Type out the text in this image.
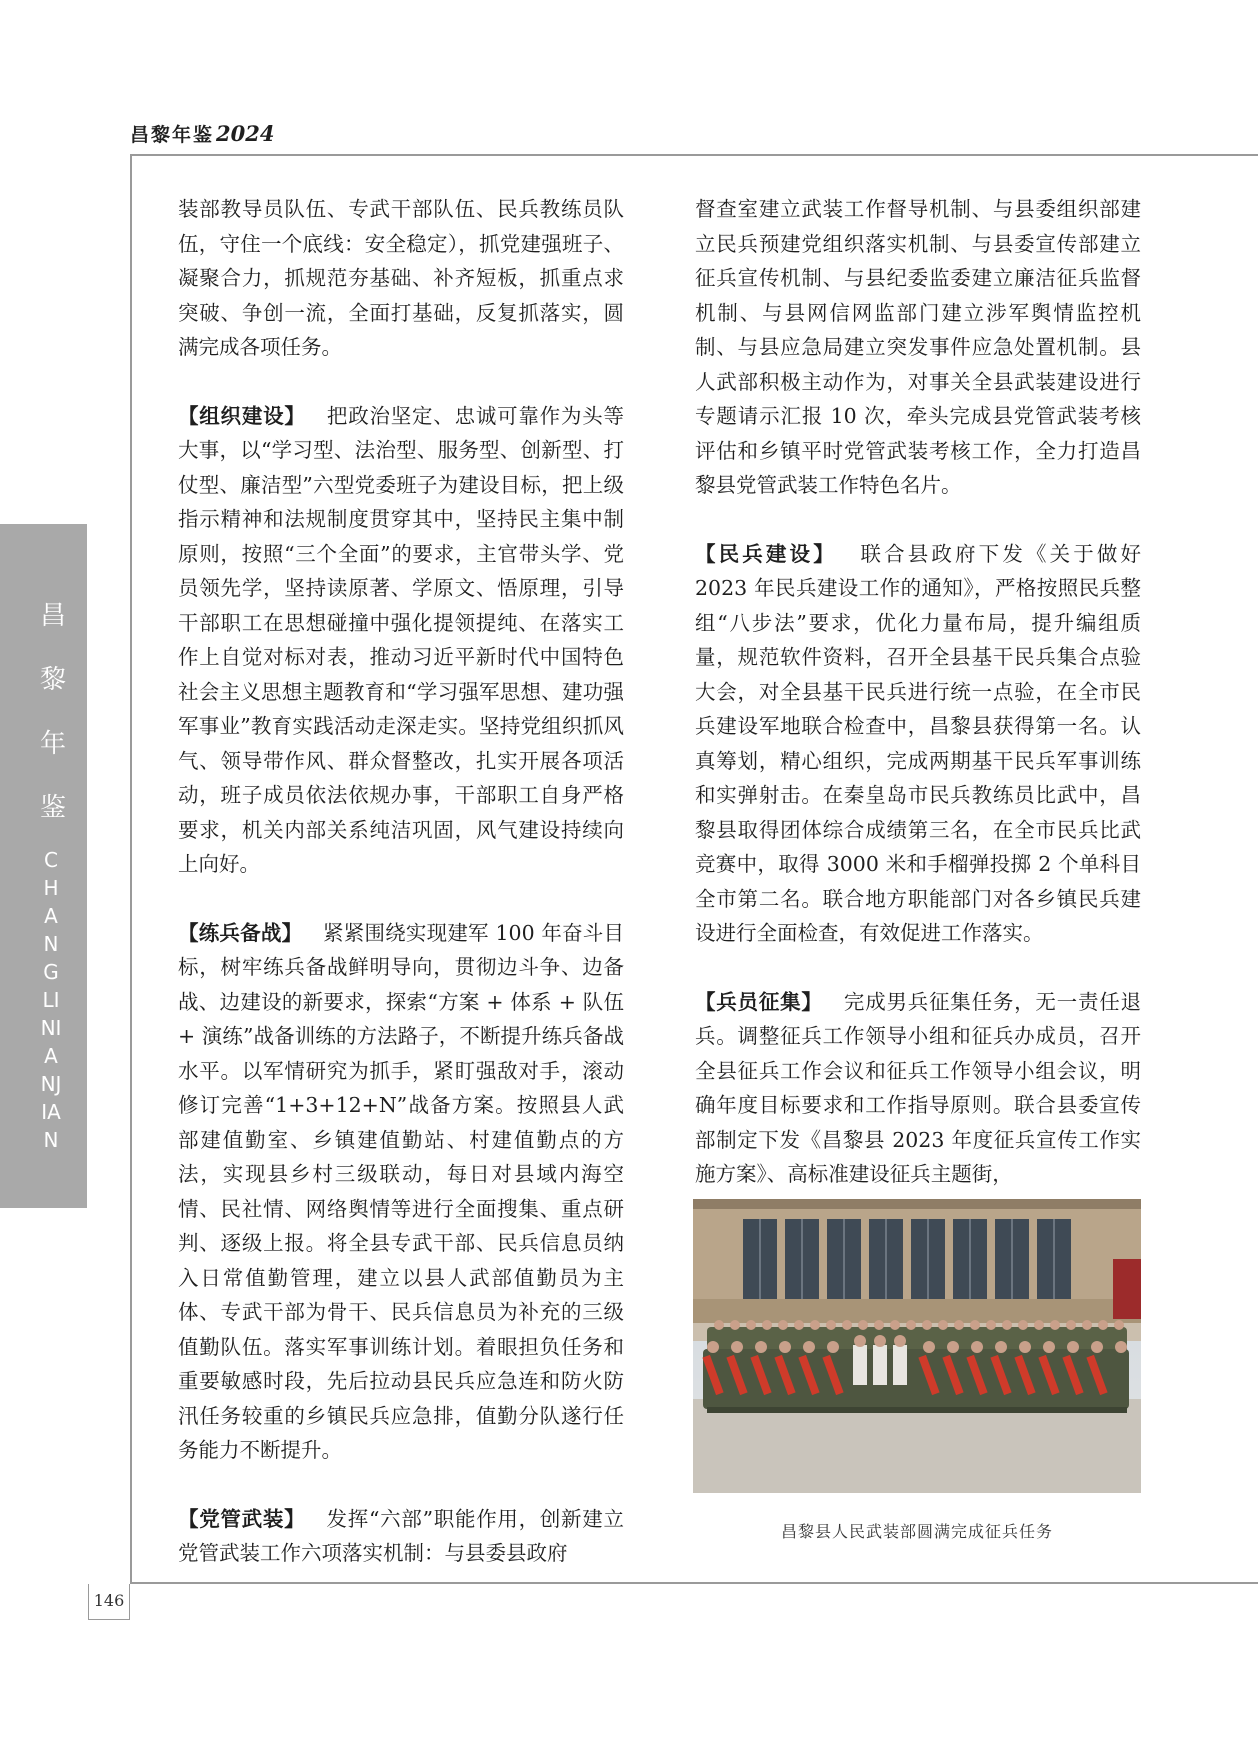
昌黎年鉴2024
昌
黎
年
鉴
CHANGLINIANJIAN
146

装部教导员队伍、专武干部队伍、民兵教练员队伍，守住一个底线：安全稳定），抓党建强班子、凝聚合力，抓规范夯基础、补齐短板，抓重点求突破、争创一流，全面打基础，反复抓落实，圆满完成各项任务。

【组织建设】  把政治坚定、忠诚可靠作为头等大事，以“学习型、法治型、服务型、创新型、打仗型、廉洁型”六型党委班子为建设目标，把上级指示精神和法规制度贯穿其中，坚持民主集中制原则，按照“三个全面”的要求，主官带头学、党员领先学，坚持读原著、学原文、悟原理，引导干部职工在思想碰撞中强化提领提纯、在落实工作上自觉对标对表，推动习近平新时代中国特色社会主义思想主题教育和“学习强军思想、建功强军事业”教育实践活动走深走实。坚持党组织抓风气、领导带作风、群众督整改，扎实开展各项活动，班子成员依法依规办事，干部职工自身严格要求，机关内部关系纯洁巩固，风气建设持续向上向好。

【练兵备战】  紧紧围绕实现建军 100 年奋斗目标，树牢练兵备战鲜明导向，贯彻边斗争、边备战、边建设的新要求，探索“方案 + 体系 + 队伍 + 演练”战备训练的方法路子，不断提升练兵备战水平。以军情研究为抓手，紧盯强敌对手，滚动修订完善“1+3+12+N”战备方案。按照县人武部建值勤室、乡镇建值勤站、村建值勤点的方法，实现县乡村三级联动，每日对县域内海空情、民社情、网络舆情等进行全面搜集、重点研判、逐级上报。将全县专武干部、民兵信息员纳入日常值勤管理，建立以县人武部值勤员为主体、专武干部为骨干、民兵信息员为补充的三级值勤队伍。落实军事训练计划。着眼担负任务和重要敏感时段，先后拉动县民兵应急连和防火防汛任务较重的乡镇民兵应急排，值勤分队遂行任务能力不断提升。

【党管武装】  发挥“六部”职能作用，创新建立党管武装工作六项落实机制：与县委县政府

督查室建立武装工作督导机制、与县委组织部建立民兵预建党组织落实机制、与县委宣传部建立征兵宣传机制、与县纪委监委建立廉洁征兵监督机制、与县网信网监部门建立涉军舆情监控机制、与县应急局建立突发事件应急处置机制。县人武部积极主动作为，对事关全县武装建设进行专题请示汇报 10 次，牵头完成县党管武装考核评估和乡镇平时党管武装考核工作，全力打造昌黎县党管武装工作特色名片。

【民兵建设】  联合县政府下发《关于做好 2023 年民兵建设工作的通知》，严格按照民兵整组“八步法”要求，优化力量布局，提升编组质量，规范软件资料，召开全县基干民兵集合点验大会，对全县基干民兵进行统一点验，在全市民兵建设军地联合检查中，昌黎县获得第一名。认真筹划，精心组织，完成两期基干民兵军事训练和实弹射击。在秦皇岛市民兵教练员比武中，昌黎县取得团体综合成绩第三名，在全市民兵比武竞赛中，取得 3000 米和手榴弹投掷 2 个单科目全市第二名。联合地方职能部门对各乡镇民兵建设进行全面检查，有效促进工作落实。

【兵员征集】  完成男兵征集任务，无一责任退兵。调整征兵工作领导小组和征兵办成员，召开全县征兵工作会议和征兵工作领导小组会议，明确年度目标要求和工作指导原则。联合县委宣传部制定下发《昌黎县 2023 年度征兵宣传工作实施方案》、高标准建设征兵主题街，

昌黎县人民武装部圆满完成征兵任务
